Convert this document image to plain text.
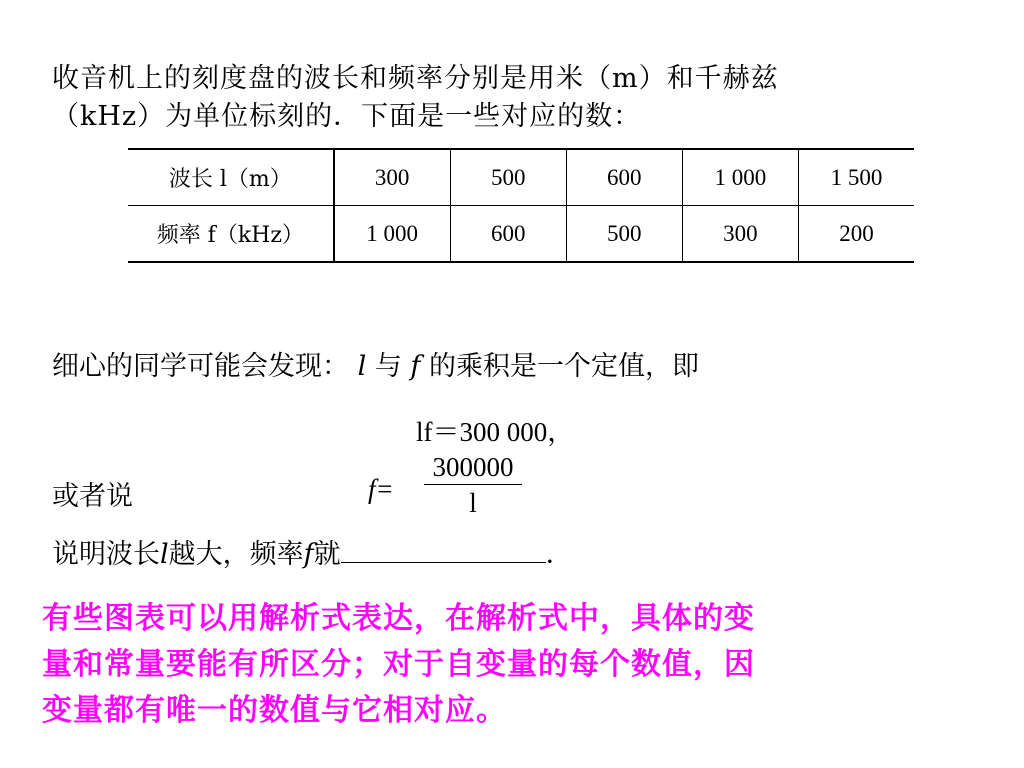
收音机上的刻度盘的波长和频率分别是用米（m）和千赫兹
（kHz）为单位标刻的．下面是一些对应的数：
波长 l（m）	300	500	600	1 000	1 500
频率 f（kHz）	1 000	600	500	300	200
细心的同学可能会发现： l 与 f 的乘积是一个定值，即
lf＝300 000，
或者说	$f= \frac{300000}{l}$
说明波长l越大，频率f就	．
有些图表可以用解析式表达，在解析式中，具体的变
量和常量要能有所区分；对于自变量的每个数值，因
变量都有唯一的数值与它相对应。
